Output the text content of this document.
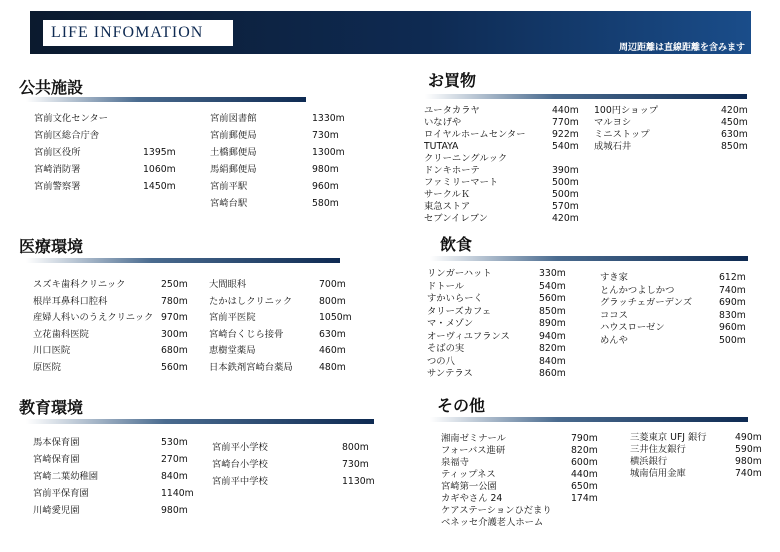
LIFE INFOMATION
周辺距離は直線距離を含みます
公共施設
宮前文化センター
宮前区総合庁舎
宮前区役所	1395m
宮崎消防署	1060m
宮前警察署	1450m
宮前図書館	1330m
宮前郵便局	730m
土橋郵便局	1300m
馬絹郵便局	980m
宮前平駅	960m
宮崎台駅	580m
お買物
ユータカラヤ	440m
いなげや	770m
ロイヤルホームセンター	922m
TUTAYA	540m
クリーニングルック
ドンキホーテ	390m
ファミリーマート	500m
サークルＫ	500m
東急ストア	570m
セブンイレブン	420m
100円ショップ	420m
マルヨシ	450m
ミニストップ	630m
成城石井	850m
医療環境
スズキ歯科クリニック	250m
根岸耳鼻科口腔科	780m
産婦人科いのうえクリニック 970m
立花歯科医院	300m
川口医院	680m
原医院	560m
大間眼科	700m
たかはしクリニック	800m
宮前平医院	1050m
宮崎台くじら接骨	630m
恵樹堂薬局	460m
日本鉄剤宮崎台薬局	480m
飲食
リンガーハット	330m
ドトール	540m
すかいらーく	560m
タリーズカフェ	850m
マ・メゾン	890m
オーヴィユフランス	940m
そばの実	820m
つの八	840m
サンテラス	860m
すき家	612m
とんかつよしかつ	740m
グラッチェガーデンズ	690m
ココス	830m
ハウスローゼン	960m
めんや	500m
教育環境
馬本保育園	530m
宮崎保育園	270m
宮崎二葉幼稚園	840m
宮前平保育園	1140m
川崎愛児園	980m
宮前平小学校	800m
宮崎台小学校	730m
宮前平中学校	1130m
その他
湘南ゼミナール	790m
フォーバス進研	820m
泉福寺	600m
ティップネス	440m
宮崎第一公園	650m
カギやさん 24	174m
ケアステーションひだまり
ベネッセ介護老人ホーム
三菱東京 UFJ 銀行	490m
三井住友銀行	590m
横浜銀行	980m
城南信用金庫	740m
